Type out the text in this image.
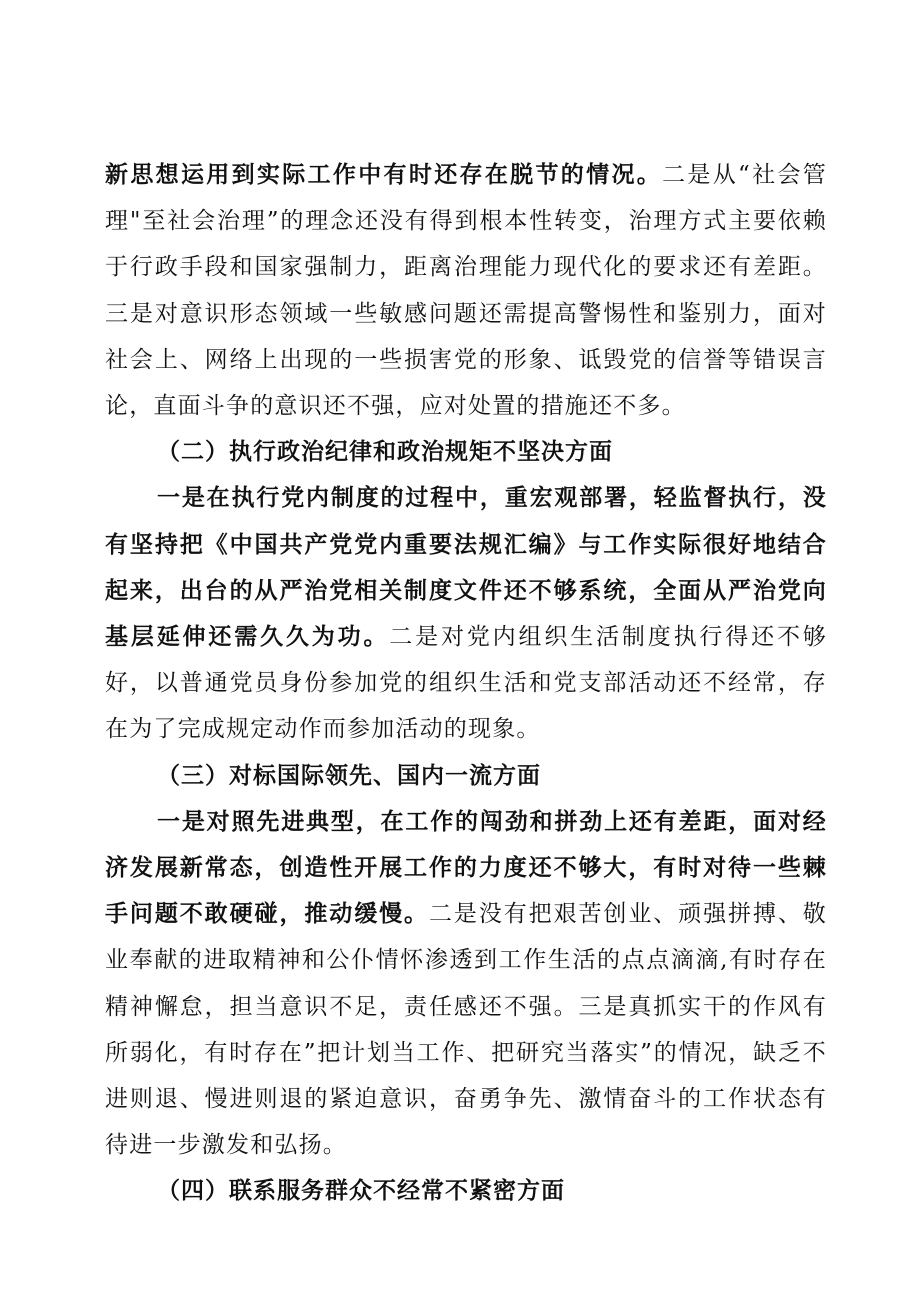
新思想运用到实际工作中有时还存在脱节的情况。二是从“社会管理"至社会治理”的理念还没有得到根本性转变，治理方式主要依赖于行政手段和国家强制力，距离治理能力现代化的要求还有差距。三是对意识形态领域一些敏感问题还需提高警惕性和鉴别力，面对社会上、网络上出现的一些损害党的形象、诋毁党的信誉等错误言论，直面斗争的意识还不强，应对处置的措施还不多。

（二）执行政治纪律和政治规矩不坚决方面

一是在执行党内制度的过程中，重宏观部署，轻监督执行，没有坚持把《中国共产党党内重要法规汇编》与工作实际很好地结合起来，出台的从严治党相关制度文件还不够系统，全面从严治党向基层延伸还需久久为功。二是对党内组织生活制度执行得还不够好，以普通党员身份参加党的组织生活和党支部活动还不经常，存在为了完成规定动作而参加活动的现象。

（三）对标国际领先、国内一流方面

一是对照先进典型，在工作的闯劲和拼劲上还有差距，面对经济发展新常态，创造性开展工作的力度还不够大，有时对待一些棘手问题不敢硬碰，推动缓慢。二是没有把艰苦创业、顽强拼搏、敬业奉献的进取精神和公仆情怀渗透到工作生活的点点滴滴,有时存在精神懈怠，担当意识不足，责任感还不强。三是真抓实干的作风有所弱化，有时存在”把计划当工作、把研究当落实”的情况，缺乏不进则退、慢进则退的紧迫意识，奋勇争先、激情奋斗的工作状态有待进一步激发和弘扬。

（四）联系服务群众不经常不紧密方面
